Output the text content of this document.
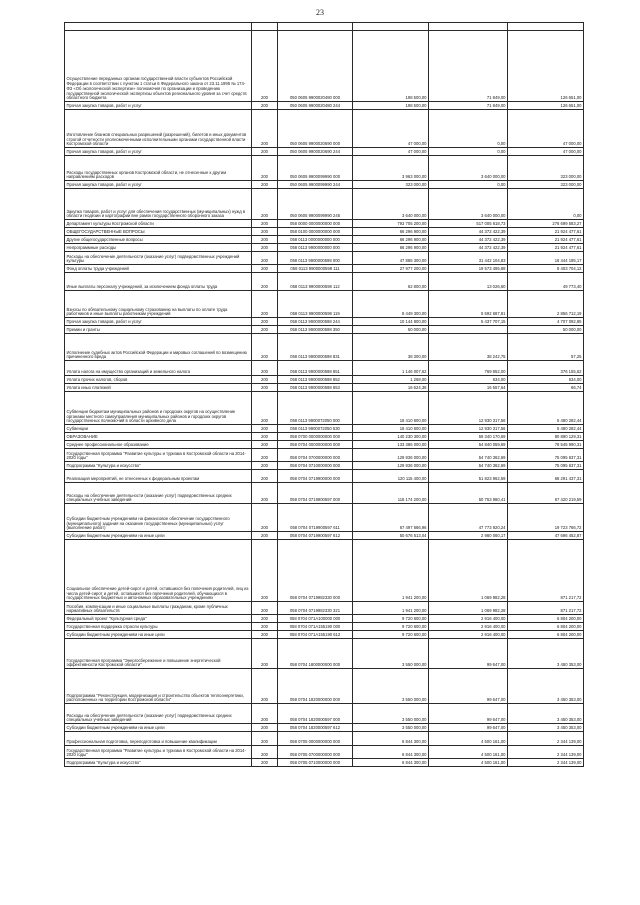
23

Осуществление переданных органам государственной власти субъектов Российской Федерации в соответствии с пунктом 1 статьи 6 Федерального закона от 23.11.1995 № 174-ФЗ «Об экологической экспертизе» полномочия по организации и проведению государственной экологической экспертизы объектов регионального уровня за счет средств областного бюджета	200	050 0605 9900020480 000	198 500,00	71 849,00	126 651,00
Прочая закупка товаров, работ и услуг	200	050 0605 9900020480 244	198 500,00	71 849,00	126 651,00
Изготовление бланков специальных разрешений (разрешений), билетов и иных документов строгой отчетности уполномоченными исполнительными органами государственной власти Костромской области	200	050 0605 9900020690 000	47 000,00	0,00	47 000,00
Прочая закупка товаров, работ и услуг	200	050 0605 9900020690 244	47 000,00	0,00	47 000,00
Расходы государственных органов Костромской области, не отнесенные к другим направлениям расходов	200	050 0605 9900099990 000	3 963 000,00	3 640 000,00	323 000,00
Прочая закупка товаров, работ и услуг	200	050 0605 9900099990 244	323 000,00	0,00	323 000,00
Закупка товаров, работ и услуг для обеспечения государственных (муниципальных) нужд в области геодезии и картографии вне рамок государственного оборонного заказа	200	050 0605 9900099990 245	3 640 000,00	3 640 000,00	0,00
Департамент культуры Костромской области	200	058 0000 0000000000 000	793 705 200,00	517 005 618,73	276 699 583,27
ОБЩЕГОСУДАРСТВЕННЫЕ ВОПРОСЫ	200	058 0100 0000000000 000	66 296 900,00	44 372 422,39	21 924 477,61
Другие общегосударственные вопросы	200	058 0113 0000000000 000	66 296 900,00	44 372 422,39	21 924 477,61
Непрограммные расходы	200	058 0113 9900000000 000	66 296 900,00	44 372 422,39	21 924 477,61
Расходы на обеспечение деятельности (оказание услуг) подведомственных учреждений культуры	200	058 0113 9900000598 000	47 886 300,00	31 442 104,83	16 444 195,17
Фонд оплаты труда учреждений	200	058 0113 9900000598 111	27 977 200,00	19 573 495,88	8 403 704,12
Иные выплаты персоналу учреждений, за исключением фонда оплаты труда	200	058 0113 9900000598 112	62 800,00	13 026,60	49 773,40
Взносы по обязательному социальному страхованию на выплаты по оплате труда работников и иные выплаты работникам учреждений	200	058 0113 9900000598 119	8 449 300,00	5 592 687,81	2 856 712,19
Прочая закупка товаров, работ и услуг	200	058 0113 9900000598 244	10 144 800,00	5 437 707,15	4 707 092,85
Премии и гранты	200	058 0113 9900000598 350	50 000,00		50 000,00
Исполнение судебных актов Российской Федерации и мировых соглашений по возмещению причиненного вреда	200	058 0113 9900000598 831	38 300,00	38 242,75	57,25
Уплата налога на имущество организаций и земельного налога	200	058 0113 9900000598 851	1 146 007,62	769 852,00	376 155,62
Уплата прочих налогов, сборов	200	058 0113 9900000598 852	1 268,00	634,00	634,00
Уплата иных платежей	200	058 0113 9900000598 853	16 624,38	16 557,64	66,74
Субвенции бюджетам муниципальных районов и городских округов на осуществление органами местного самоуправления муниципальных районов и городских округов государственных полномочий в области архивного дела	200	058 0113 9900072050 000	18 410 600,00	12 930 317,56	5 480 282,44
Субвенции	200	058 0113 9900072050 530	18 410 600,00	12 930 317,56	5 480 282,44
ОБРАЗОВАНИЕ	200	058 0700 0000000000 000	140 230 300,00	59 340 170,69	80 890 129,31
Среднее профессиональное образование	200	058 0704 0000000000 000	133 386 000,00	54 840 059,69	78 545 990,31
Государственная программа "Развитие культуры и туризма в Костромской области на 2014-2020 годы"	200	058 0704 0700000000 000	129 836 000,00	54 740 362,69	75 095 637,31
Подпрограмма "Культура и искусство"	200	058 0704 0710000000 000	129 836 000,00	54 740 362,69	75 095 637,31
Реализация мероприятий, не отнесенных к федеральным проектам	200	058 0704 0719900000 000	120 115 400,00	51 823 962,59	68 291 437,31
Расходы на обеспечение деятельности (оказание услуг) подведомственных средних специальных учебных заведений	200	058 0704 0719900597 000	118 174 200,00	50 753 980,41	67 420 219,59
Субсидии бюджетным учреждениям на финансовое обеспечение государственного (муниципального) задания на оказание государственных (муниципальных) услуг (выполнение работ)	200	058 0704 0719900597 611	67 497 686,96	47 773 920,24	19 723 766,72
Субсидии бюджетным учреждениям на иные цели	200	058 0704 0719900597 612	50 676 513,04	2 980 060,17	47 696 452,87
Социальное обеспечение детей-сирот и детей, оставшихся без попечения родителей, лиц из числа детей-сирот и детей, оставшихся без попечения родителей, обучающихся в государственных бюджетных и автономных образовательных учреждениях	200	058 0704 0719982330 000	1 941 200,00	1 069 982,28	871 217,72
Пособия, компенсации и иные социальные выплаты гражданам, кроме публичных нормативных обязательств	200	058 0704 0719982330 321	1 941 200,00	1 069 982,28	871 217,72
Федеральный проект "Культурная среда"	200	058 0704 071A100000 000	9 720 600,00	2 916 400,00	6 804 200,00
Государственная поддержка отрасли культуры	200	058 0704 071A155190 000	9 720 600,00	2 916 400,00	6 804 200,00
Субсидии бюджетным учреждениям на иные цели	200	058 0704 071A155190 612	9 720 600,00	2 916 400,00	6 804 200,00
Государственная программа "Энергосбережение и повышение энергетической эффективности Костромской области"	200	058 0704 1800000000 000	3 550 000,00	99 647,00	3 450 353,00
Подпрограмма "Реконструкция, модернизация и строительство объектов теплоэнергетики, расположенных на территории Костромской области"	200	058 0704 1820000000 000	3 550 000,00	99 647,00	3 450 353,00
Расходы на обеспечение деятельности (оказание услуг) подведомственных средних специальных учебных заведений	200	058 0704 1820000597 000	3 550 000,00	99 647,00	3 450 353,00
Субсидии бюджетным учреждениям на иные цели	200	058 0704 1820000597 612	3 550 000,00	99 647,00	3 450 353,00
Профессиональная подготовка, переподготовка и повышение квалификации	200	058 0705 0000000000 000	6 844 300,00	4 500 161,00	2 344 139,00
Государственная программа "Развитие культуры и туризма в Костромской области на 2014-2020 годы"	200	058 0705 0700000000 000	6 844 300,00	4 500 161,00	2 344 139,00
Подпрограмма "Культура и искусство"	200	058 0705 0710000000 000	6 844 300,00	4 500 161,00	2 344 139,00
